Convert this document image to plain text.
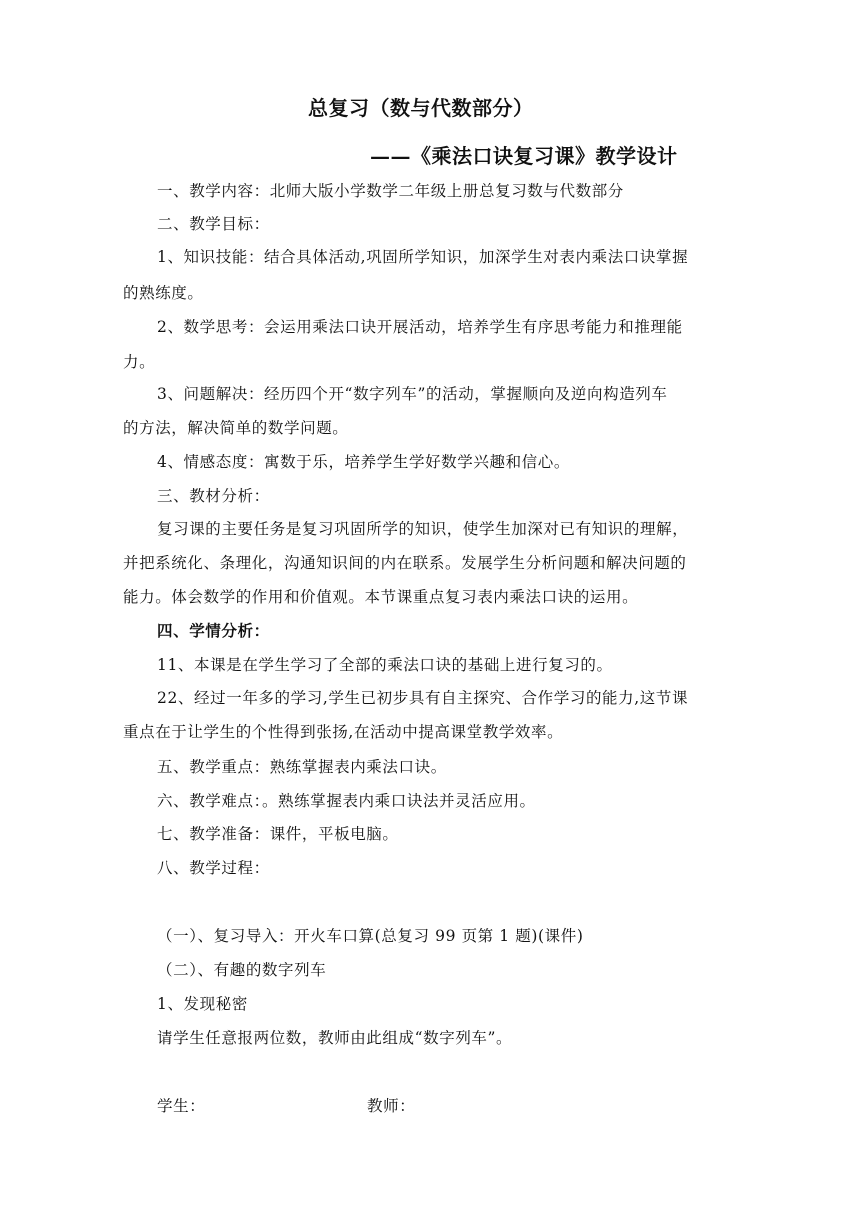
总复习（数与代数部分）
——《乘法口诀复习课》教学设计
一、教学内容：北师大版小学数学二年级上册总复习数与代数部分
二、教学目标：
1、知识技能：结合具体活动,巩固所学知识，加深学生对表内乘法口诀掌握
的熟练度。
2、数学思考：会运用乘法口诀开展活动，培养学生有序思考能力和推理能
力。
3、问题解决：经历四个开“数字列车”的活动，掌握顺向及逆向构造列车
的方法，解决简单的数学问题。
4、情感态度：寓数于乐，培养学生学好数学兴趣和信心。
三、教材分析：
复习课的主要任务是复习巩固所学的知识，使学生加深对已有知识的理解，
并把系统化、条理化，沟通知识间的内在联系。发展学生分析问题和解决问题的
能力。体会数学的作用和价值观。本节课重点复习表内乘法口诀的运用。
四、学情分析：
11、本课是在学生学习了全部的乘法口诀的基础上进行复习的。
22、经过一年多的学习,学生已初步具有自主探究、合作学习的能力,这节课
重点在于让学生的个性得到张扬,在活动中提高课堂教学效率。
五、教学重点：熟练掌握表内乘法口诀。
六、教学难点：。熟练掌握表内乘口诀法并灵活应用。
七、教学准备：课件，平板电脑。
八、教学过程：
（一）、复习导入：开火车口算(总复习 99 页第 1 题)(课件)
（二）、有趣的数字列车
1、发现秘密
请学生任意报两位数，教师由此组成“数字列车”。
学生：	教师：
